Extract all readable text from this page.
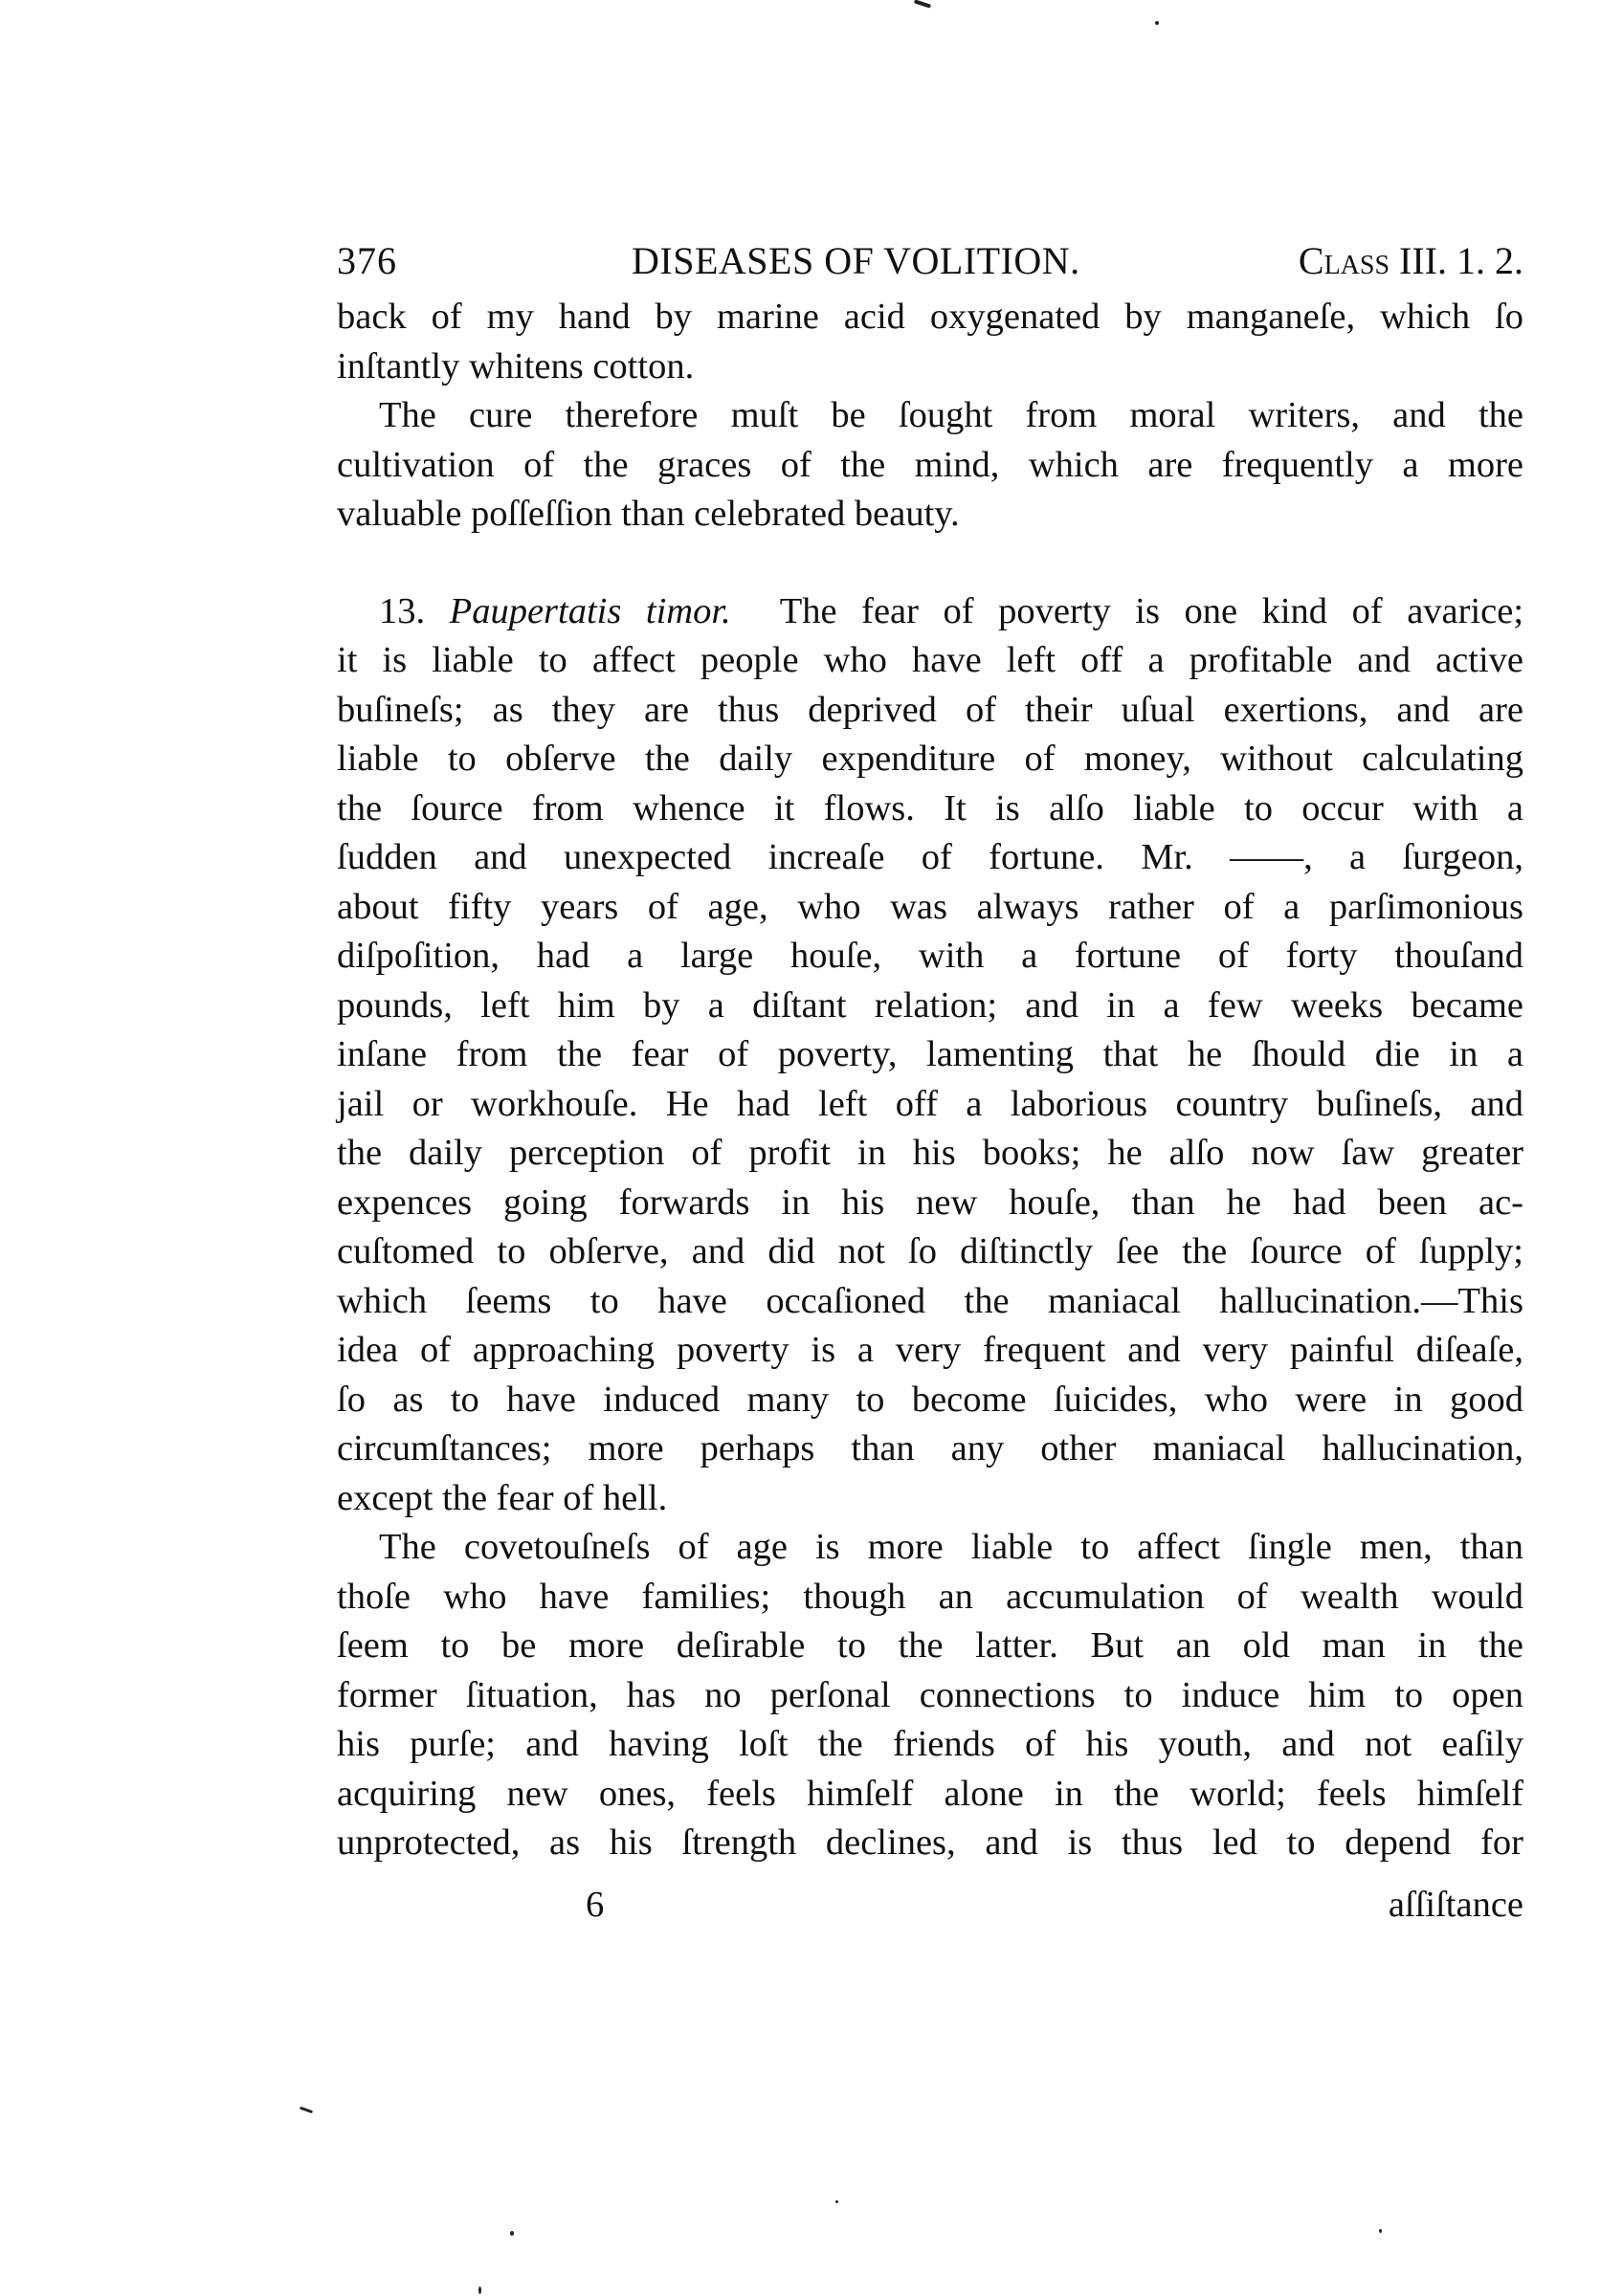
376	DISEASES OF VOLITION.	Class III. 1. 2.

back of my hand by marine acid oxygenated by manganeſe, which ſo
inſtantly whitens cotton.

The cure therefore muſt be ſought from moral writers, and the
cultivation of the graces of the mind, which are frequently a more
valuable poſſeſſion than celebrated beauty.

13. Paupertatis timor. The fear of poverty is one kind of avarice;
it is liable to affect people who have left off a profitable and active
buſineſs; as they are thus deprived of their uſual exertions, and are
liable to obſerve the daily expenditure of money, without calculating
the ſource from whence it flows. It is alſo liable to occur with a
ſudden and unexpected increaſe of fortune. Mr. ——, a ſurgeon,
about fifty years of age, who was always rather of a parſimonious
diſpoſition, had a large houſe, with a fortune of forty thouſand
pounds, left him by a diſtant relation; and in a few weeks became
inſane from the fear of poverty, lamenting that he ſhould die in a
jail or workhouſe. He had left off a laborious country buſineſs, and
the daily perception of profit in his books; he alſo now ſaw greater
expences going forwards in his new houſe, than he had been ac-
cuſtomed to obſerve, and did not ſo diſtinctly ſee the ſource of ſupply;
which ſeems to have occaſioned the maniacal hallucination.—This
idea of approaching poverty is a very frequent and very painful diſeaſe,
ſo as to have induced many to become ſuicides, who were in good
circumſtances; more perhaps than any other maniacal hallucination,
except the fear of hell.

The covetouſneſs of age is more liable to affect ſingle men, than
thoſe who have families; though an accumulation of wealth would
ſeem to be more deſirable to the latter. But an old man in the
former ſituation, has no perſonal connections to induce him to open
his purſe; and having loſt the friends of his youth, and not eaſily
acquiring new ones, feels himſelf alone in the world; feels himſelf
unprotected, as his ſtrength declines, and is thus led to depend for

6	aſſiſtance
